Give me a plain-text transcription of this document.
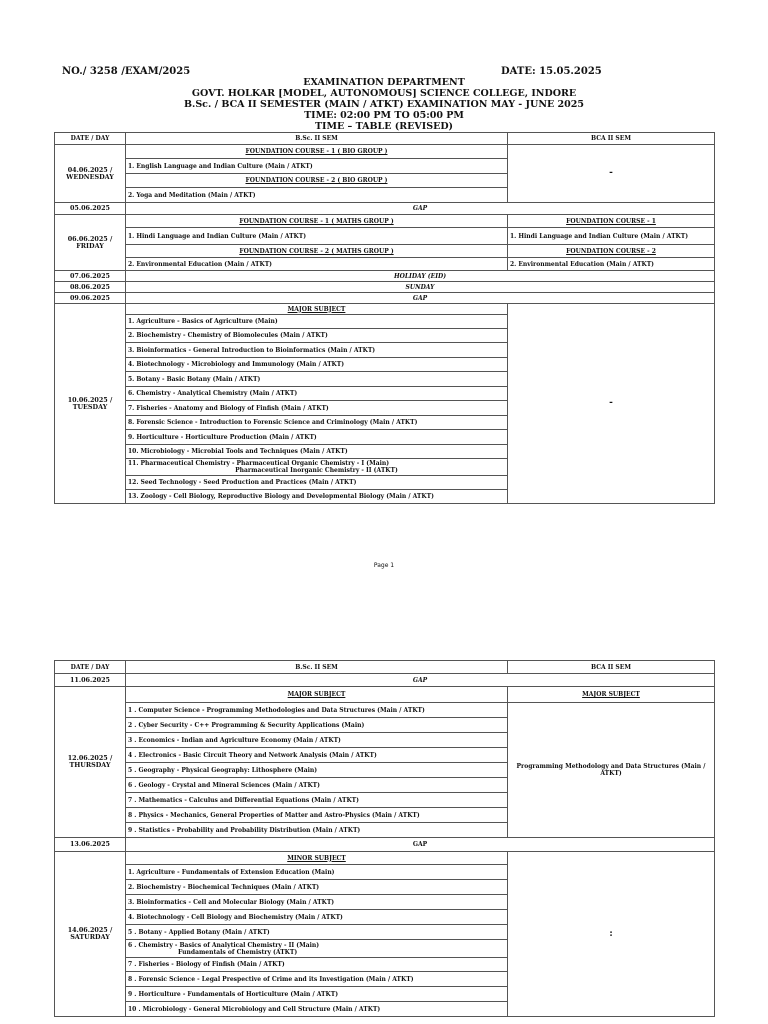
NO./ 3258 /EXAM/2025	DATE: 15.05.2025
EXAMINATION DEPARTMENT
GOVT. HOLKAR [MODEL, AUTONOMOUS] SCIENCE COLLEGE, INDORE
B.Sc. / BCA II SEMESTER (MAIN / ATKT) EXAMINATION MAY - JUNE 2025
TIME: 02:00 PM TO 05:00 PM
TIME – TABLE (REVISED)
DATE / DAY	B.Sc. II SEM	BCA II SEM
04.06.2025 /
WEDNESDAY	FOUNDATION COURSE - 1 ( BIO GROUP )	-
	1. English Language and Indian Culture (Main / ATKT)	
	FOUNDATION COURSE - 2 ( BIO GROUP )	
	2. Yoga and Meditation (Main / ATKT)	
05.06.2025	GAP	
06.06.2025 /
FRIDAY	FOUNDATION COURSE - 1 ( MATHS GROUP )	FOUNDATION COURSE - 1
	1. Hindi Language and Indian Culture (Main / ATKT)	1. Hindi Language and Indian Culture (Main / ATKT)
	FOUNDATION COURSE - 2 ( MATHS GROUP )	FOUNDATION COURSE - 2
	2. Environmental Education (Main / ATKT)	2. Environmental Education (Main / ATKT)
07.06.2025	HOLIDAY (EID)	
08.06.2025	SUNDAY	
09.06.2025	GAP	
10.06.2025 /
TUESDAY	MAJOR SUBJECT	-
	1. Agriculture - Basics of Agriculture (Main)	
	2. Biochemistry - Chemistry of Biomolecules (Main / ATKT)	
	3. Bioinformatics - General Introduction to Bioinformatics (Main / ATKT)	
	4. Biotechnology - Microbiology and Immunology (Main / ATKT)	
	5. Botany - Basic Botany (Main / ATKT)	
	6. Chemistry - Analytical Chemistry (Main / ATKT)	
	7. Fisheries - Anatomy and Biology of Finfish (Main / ATKT)	
	8. Forensic Science - Introduction to Forensic Science and Criminology (Main / ATKT)	
	9. Horticulture - Horticulture Production (Main / ATKT)	
	10. Microbiology - Microbial Tools and Techniques (Main / ATKT)	

	11. Pharmaceutical Chemistry - Pharmaceutical Organic Chemistry - I (Main)
Pharmaceutical Inorganic Chemistry - II (ATKT)	

	12. Seed Technology - Seed Production and Practices (Main / ATKT)	
	13. Zoology - Cell Biology, Reproductive Biology and Developmental Biology (Main / ATKT)	
Page 1
DATE / DAY	B.Sc. II SEM	BCA II SEM
11.06.2025	GAP	
12.06.2025 /
THURSDAY	MAJOR SUBJECT	MAJOR SUBJECT
	1 . Computer Science - Programming Methodologies and Data Structures (Main / ATKT)	Programming Methodology and Data Structures (Main / ATKT)
	2 . Cyber Security - C++ Programming & Security Applications (Main)	
	3 . Economics - Indian and Agriculture Economy (Main / ATKT)	
	4 . Electronics - Basic Circuit Theory and Network Analysis (Main / ATKT)	
	5 . Geography - Physical Geography: Lithosphere (Main)	
	6 . Geology - Crystal and Mineral Sciences (Main / ATKT)	
	7 . Mathematics - Calculus and Differential Equations (Main / ATKT)	
	8 . Physics - Mechanics, General Properties of Matter and Astro-Physics (Main / ATKT)	
	9 . Statistics - Probability and Probability Distribution (Main / ATKT)	
13.06.2025	GAP	
14.06.2025 /
SATURDAY	MINOR SUBJECT	:
	1. Agriculture - Fundamentals of Extension Education (Main)	
	2. Biochemistry - Biochemical Techniques (Main / ATKT)	
	3. Bioinformatics - Cell and Molecular Biology (Main / ATKT)	
	4. Biotechnology - Cell Biology and Biochemistry (Main / ATKT)	
	5 . Botany - Applied Botany (Main / ATKT)	

	6 . Chemistry - Basics of Analytical Chemistry - II (Main)
Fundamentals of Chemistry (ATKT)	

	7 . Fisheries - Biology of Finfish (Main / ATKT)	
	8 . Forensic Science - Legal Prespective of Crime and its Investigation (Main / ATKT)	
	9 . Horticulture - Fundamentals of Horticulture (Main / ATKT)	
	10 . Microbiology - General Microbiology and Cell Structure (Main / ATKT)	
